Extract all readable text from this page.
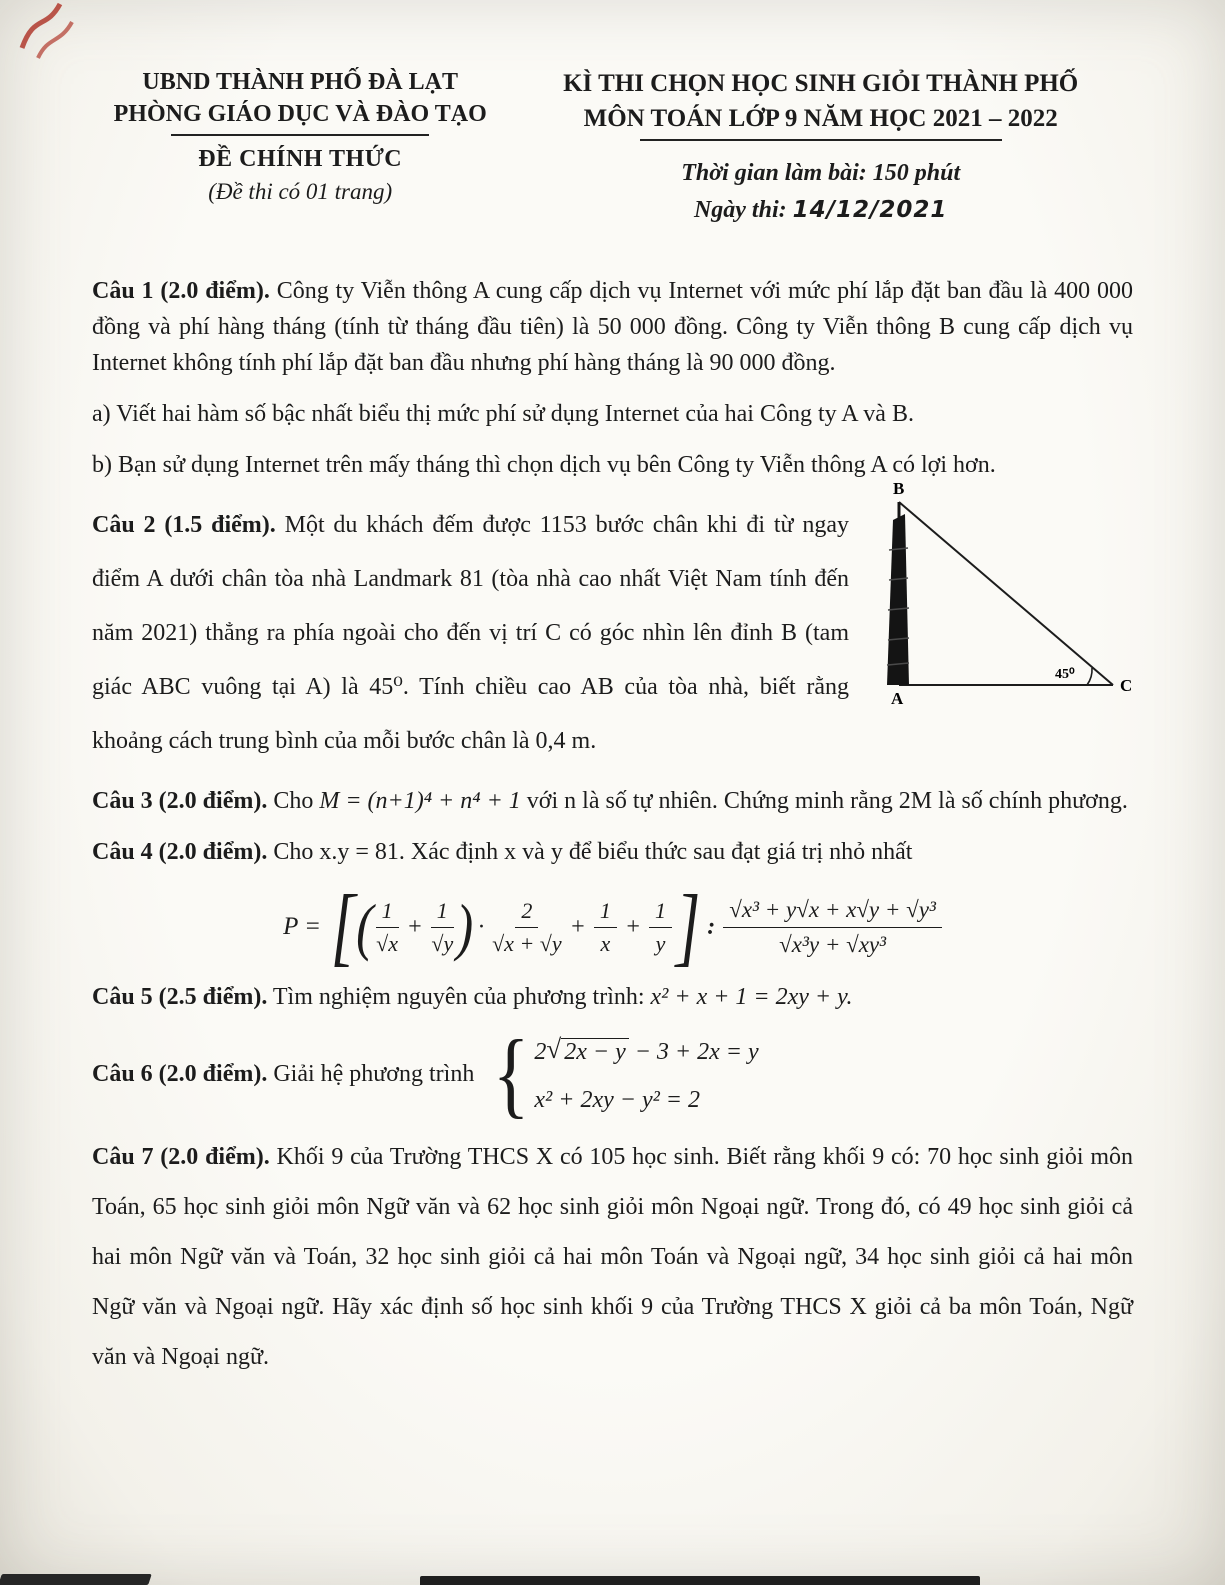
UBND THÀNH PHỐ ĐÀ LẠT
PHÒNG GIÁO DỤC VÀ ĐÀO TẠO
ĐỀ CHÍNH THỨC
(Đề thi có 01 trang)
KÌ THI CHỌN HỌC SINH GIỎI THÀNH PHỐ
MÔN TOÁN LỚP 9 NĂM HỌC 2021 – 2022
Thời gian làm bài: 150 phút
Ngày thi: 14/12/2021

Câu 1 (2.0 điểm). Công ty Viễn thông A cung cấp dịch vụ Internet với mức phí lắp đặt ban đầu là 400 000 đồng và phí hàng tháng (tính từ tháng đầu tiên) là 50 000 đồng. Công ty Viễn thông B cung cấp dịch vụ Internet không tính phí lắp đặt ban đầu nhưng phí hàng tháng là 90 000 đồng.

a) Viết hai hàm số bậc nhất biểu thị mức phí sử dụng Internet của hai Công ty A và B.

b) Bạn sử dụng Internet trên mấy tháng thì chọn dịch vụ bên Công ty Viễn thông A có lợi hơn.

B
A
C
45⁰
Câu 2 (1.5 điểm). Một du khách đếm được 1153 bước chân khi đi từ ngay điểm A dưới chân tòa nhà Landmark 81 (tòa nhà cao nhất Việt Nam tính đến năm 2021) thẳng ra phía ngoài cho đến vị trí C có góc nhìn lên đỉnh B (tam giác ABC vuông tại A) là 45⁰. Tính chiều cao AB của tòa nhà, biết rằng khoảng cách trung bình của mỗi bước chân là 0,4 m.

Câu 3 (2.0 điểm). Cho M = (n+1)⁴ + n⁴ + 1 với n là số tự nhiên. Chứng minh rằng 2M là số chính phương.

Câu 4 (2.0 điểm). Cho x.y = 81. Xác định x và y để biểu thức sau đạt giá trị nhỏ nhất

P = [ ( $\frac{1}{√x} + \frac{1}{√y}$ ) · $\frac{2}{√x + √y} + \frac{1}{x} + \frac{1}{y}$ ] : $\frac{\text{√x³ + y√x + x√y + √y³}}{\text{√x³y + √xy³}}$

Câu 5 (2.5 điểm). Tìm nghiệm nguyên của phương trình: x² + x + 1 = 2xy + y.

Câu 6 (2.0 điểm). Giải hệ phương trình { 2√ 2x − y − 3 + 2x = y
x² + 2xy − y² = 2

Câu 7 (2.0 điểm). Khối 9 của Trường THCS X có 105 học sinh. Biết rằng khối 9 có: 70 học sinh giỏi môn Toán, 65 học sinh giỏi môn Ngữ văn và 62 học sinh giỏi môn Ngoại ngữ. Trong đó, có 49 học sinh giỏi cả hai môn Ngữ văn và Toán, 32 học sinh giỏi cả hai môn Toán và Ngoại ngữ, 34 học sinh giỏi cả hai môn Ngữ văn và Ngoại ngữ. Hãy xác định số học sinh khối 9 của Trường THCS X giỏi cả ba môn Toán, Ngữ văn và Ngoại ngữ.
